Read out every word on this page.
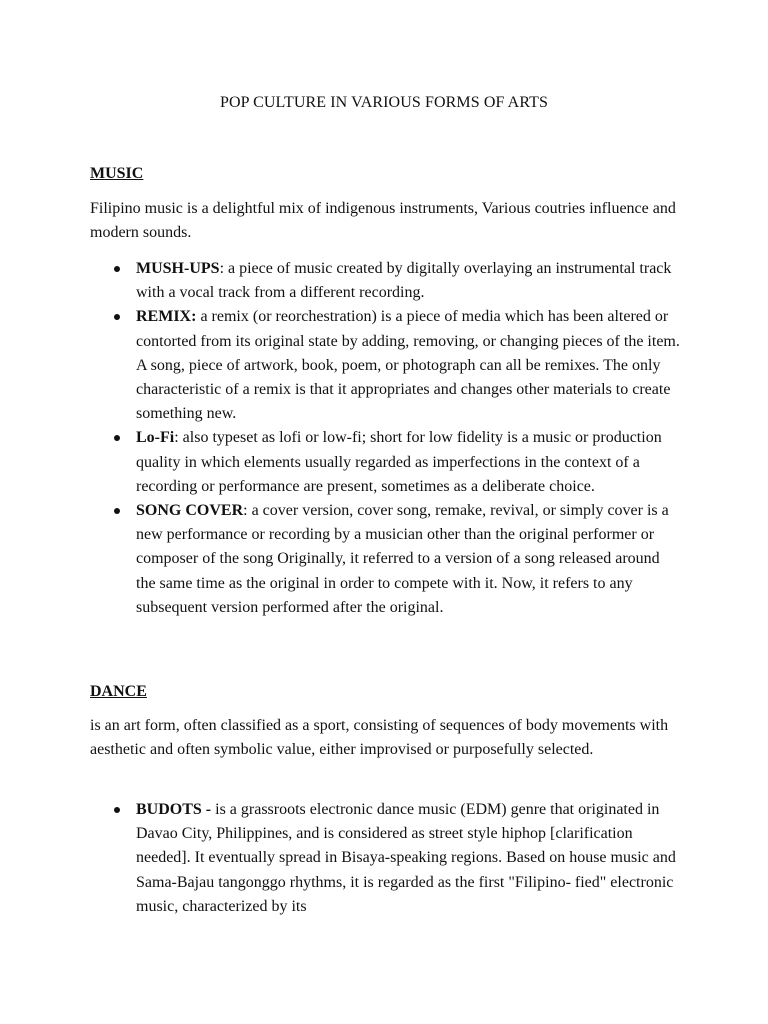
POP CULTURE IN VARIOUS FORMS OF ARTS
MUSIC
Filipino music is a delightful mix of indigenous instruments, Various coutries influence and modern sounds.
MUSH-UPS: a piece of music created by digitally overlaying an instrumental track with a vocal track from a different recording.
REMIX: a remix (or reorchestration) is a piece of media which has been altered or contorted from its original state by adding, removing, or changing pieces of the item. A song, piece of artwork, book, poem, or photograph can all be remixes. The only characteristic of a remix is that it appropriates and changes other materials to create something new.
Lo-Fi: also typeset as lofi or low-fi; short for low fidelity is a music or production quality in which elements usually regarded as imperfections in the context of a recording or performance are present, sometimes as a deliberate choice.
SONG COVER: a cover version, cover song, remake, revival, or simply cover is a new performance or recording by a musician other than the original performer or composer of the song Originally, it referred to a version of a song released around the same time as the original in order to compete with it. Now, it refers to any subsequent version performed after the original.
DANCE
is an art form, often classified as a sport, consisting of sequences of body movements with aesthetic and often symbolic value, either improvised or purposefully selected.
BUDOTS - is a grassroots electronic dance music (EDM) genre that originated in Davao City, Philippines, and is considered as street style hiphop [clarification needed]. It eventually spread in Bisaya-speaking regions. Based on house music and Sama-Bajau tangonggo rhythms, it is regarded as the first "Filipino- fied" electronic music, characterized by its
